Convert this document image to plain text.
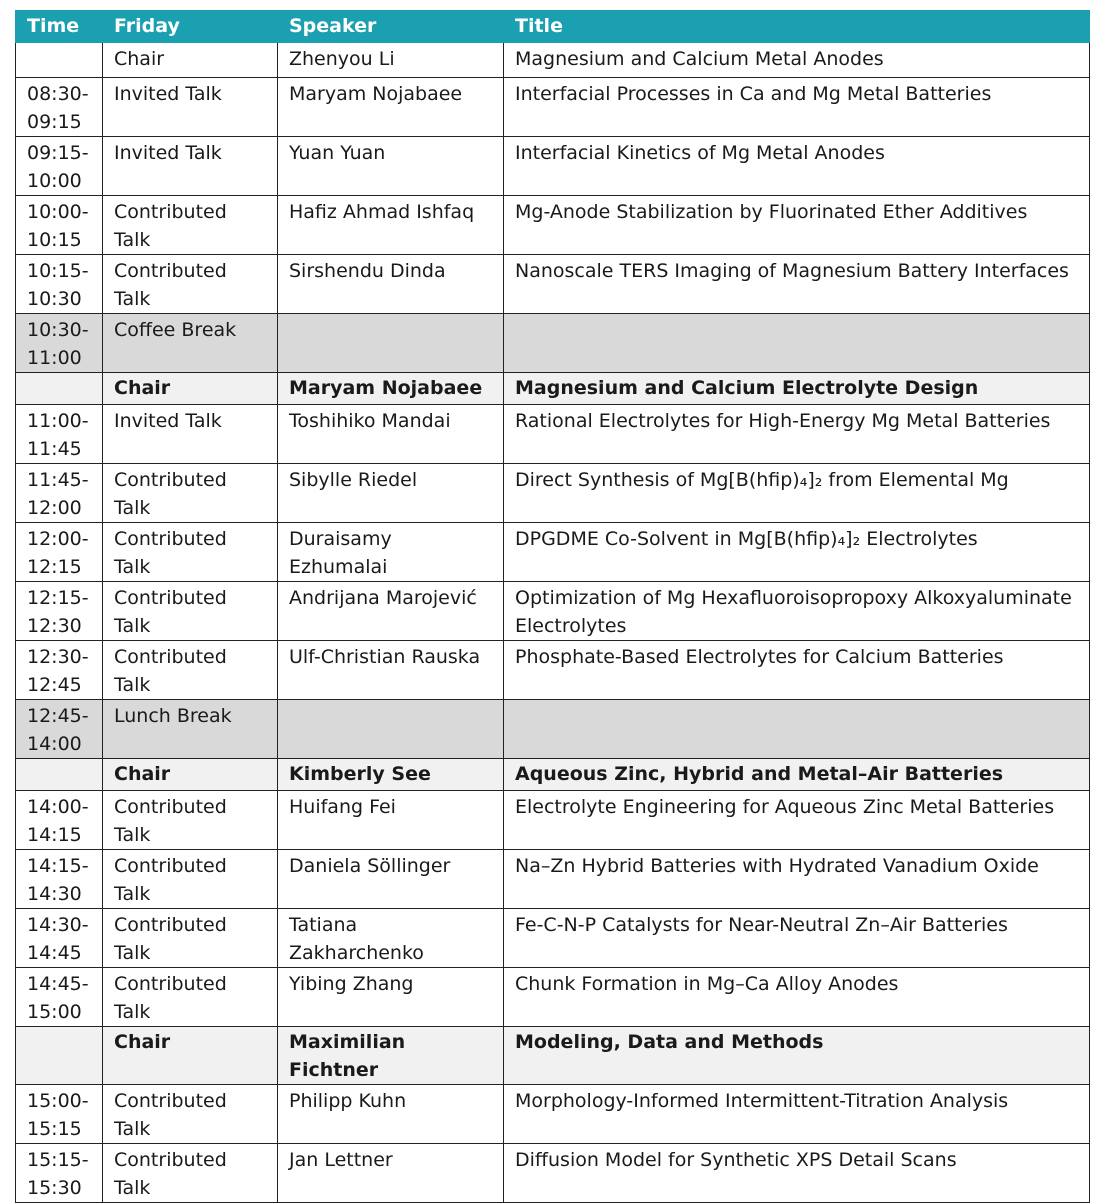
Time	Friday	Speaker	Title
	Chair	Zhenyou Li	Magnesium and Calcium Metal Anodes
08:30-09:15	Invited Talk	Maryam Nojabaee	Interfacial Processes in Ca and Mg Metal Batteries
09:15-10:00	Invited Talk	Yuan Yuan	Interfacial Kinetics of Mg Metal Anodes
10:00-10:15	Contributed Talk	Hafiz Ahmad Ishfaq	Mg-Anode Stabilization by Fluorinated Ether Additives
10:15-10:30	Contributed Talk	Sirshendu Dinda	Nanoscale TERS Imaging of Magnesium Battery Interfaces
10:30-11:00	Coffee Break		
	Chair	Maryam Nojabaee	Magnesium and Calcium Electrolyte Design
11:00-11:45	Invited Talk	Toshihiko Mandai	Rational Electrolytes for High-Energy Mg Metal Batteries
11:45-12:00	Contributed Talk	Sibylle Riedel	Direct Synthesis of Mg[B(hfip)₄]₂ from Elemental Mg
12:00-12:15	Contributed Talk	Duraisamy Ezhumalai	DPGDME Co-Solvent in Mg[B(hfip)₄]₂ Electrolytes
12:15-12:30	Contributed Talk	Andrijana Marojević	Optimization of Mg Hexafluoroisopropoxy Alkoxyaluminate Electrolytes
12:30-12:45	Contributed Talk	Ulf-Christian Rauska	Phosphate-Based Electrolytes for Calcium Batteries
12:45-14:00	Lunch Break		
	Chair	Kimberly See	Aqueous Zinc, Hybrid and Metal–Air Batteries
14:00-14:15	Contributed Talk	Huifang Fei	Electrolyte Engineering for Aqueous Zinc Metal Batteries
14:15-14:30	Contributed Talk	Daniela Söllinger	Na–Zn Hybrid Batteries with Hydrated Vanadium Oxide
14:30-14:45	Contributed Talk	Tatiana Zakharchenko	Fe-C-N-P Catalysts for Near-Neutral Zn–Air Batteries
14:45-15:00	Contributed Talk	Yibing Zhang	Chunk Formation in Mg–Ca Alloy Anodes
	Chair	Maximilian Fichtner	Modeling, Data and Methods
15:00-15:15	Contributed Talk	Philipp Kuhn	Morphology-Informed Intermittent-Titration Analysis
15:15-15:30	Contributed Talk	Jan Lettner	Diffusion Model for Synthetic XPS Detail Scans
